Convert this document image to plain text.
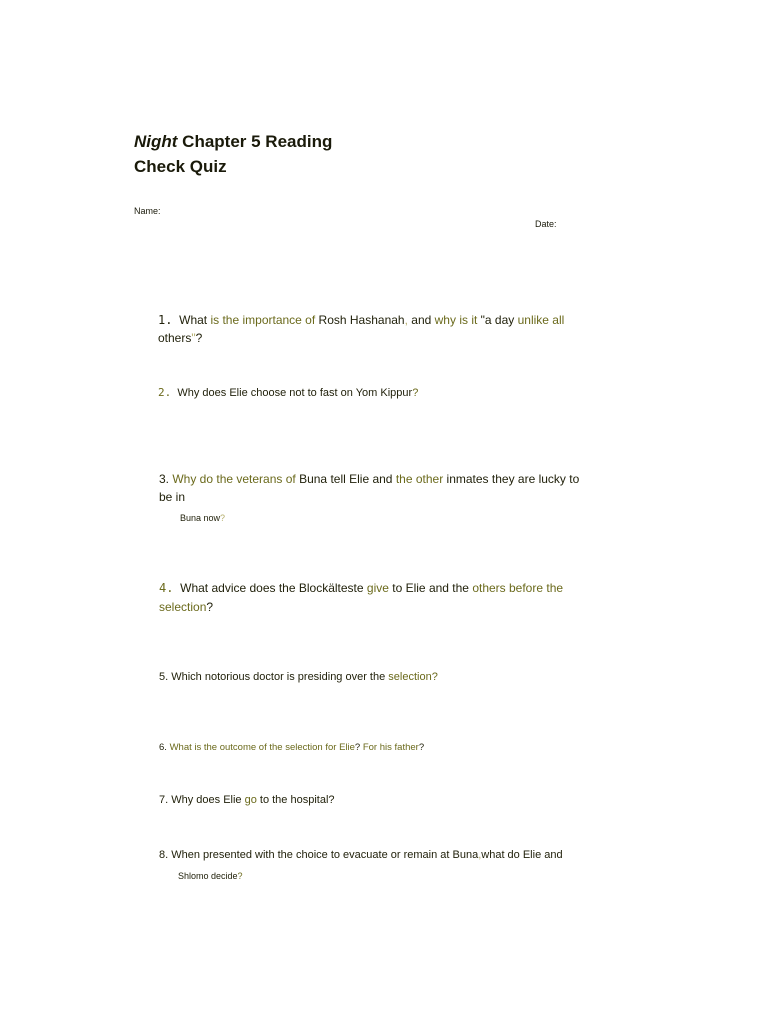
Night Chapter 5 Reading
Check Quiz
Name:
Date:
1. What is the importance of Rosh Hashanah, and why is it "a day unlike all
others"?
2. Why does Elie choose not to fast on Yom Kippur?
3. Why do the veterans of Buna tell Elie and the other inmates they are lucky to
be in
Buna now?
4. What advice does the Blockälteste give to Elie and the others before the
selection?
5. Which notorious doctor is presiding over the selection?
6. What is the outcome of the selection for Elie? For his father?
7. Why does Elie go to the hospital?
8. When presented with the choice to evacuate or remain at Buna,what do Elie and
Shlomo decide?
